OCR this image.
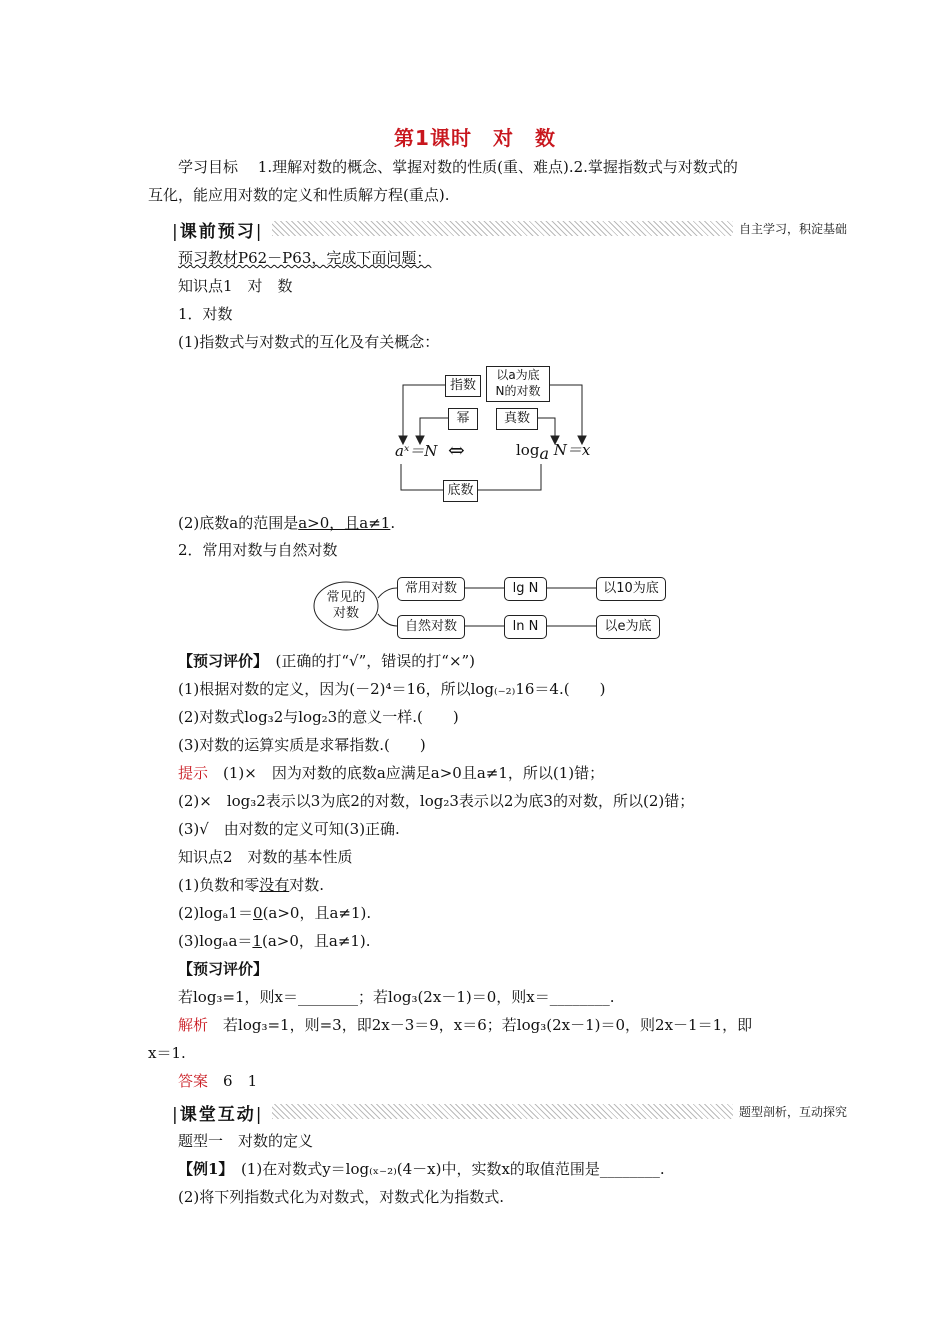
第1课时　对　数
学习目标　 1.理解对数的概念、掌握对数的性质(重、难点).2.掌握指数式与对数式的
互化，能应用对数的定义和性质解方程(重点).
| 课前预习 |	自主学习，积淀基础
预习教材P62－P63，完成下面问题：
知识点1　对　数
1．对数
(1)指数式与对数式的互化及有关概念：
指数
以a为底
N的对数
幂	真数
aˣ＝N ⇔	loga N＝x
底数
(2)底数a的范围是a>0，且a≠1.
2．常用对数与自然对数
常见的
对数
常用对数	lg N	以10为底
自然对数	ln N	以e为底
【预习评价】　 (正确的打“√”，错误的打“×”)
(1)根据对数的定义，因为(－2)⁴＝16，所以log₍₋₂₎16＝4.(　　)
(2)对数式log₃2与log₂3的意义一样.(　　)
(3)对数的运算实质是求幂指数.(　　)
提示　 (1)×　因为对数的底数a应满足a>0且a≠1，所以(1)错；
(2)×　log₃2表示以3为底2的对数，log₂3表示以2为底3的对数，所以(2)错；
(3)√　由对数的定义可知(3)正确.
知识点2　对数的基本性质
(1)负数和零没有对数.
(2)logₐ1＝0(a>0，且a≠1).
(3)logₐa＝1(a>0，且a≠1).
【预习评价】
若log₃=1，则x＝________；若log₃(2x－1)＝0，则x＝________.
解析　 若log₃=1，则=3，即2x－3＝9，x＝6；若log₃(2x－1)＝0，则2x－1＝1，即
x＝1.
答案　 6　1
| 课堂互动 |	题型剖析，互动探究
题型一　对数的定义
【例1】　 (1)在对数式y＝log₍ₓ₋₂₎(4－x)中，实数x的取值范围是________.
(2)将下列指数式化为对数式，对数式化为指数式.
